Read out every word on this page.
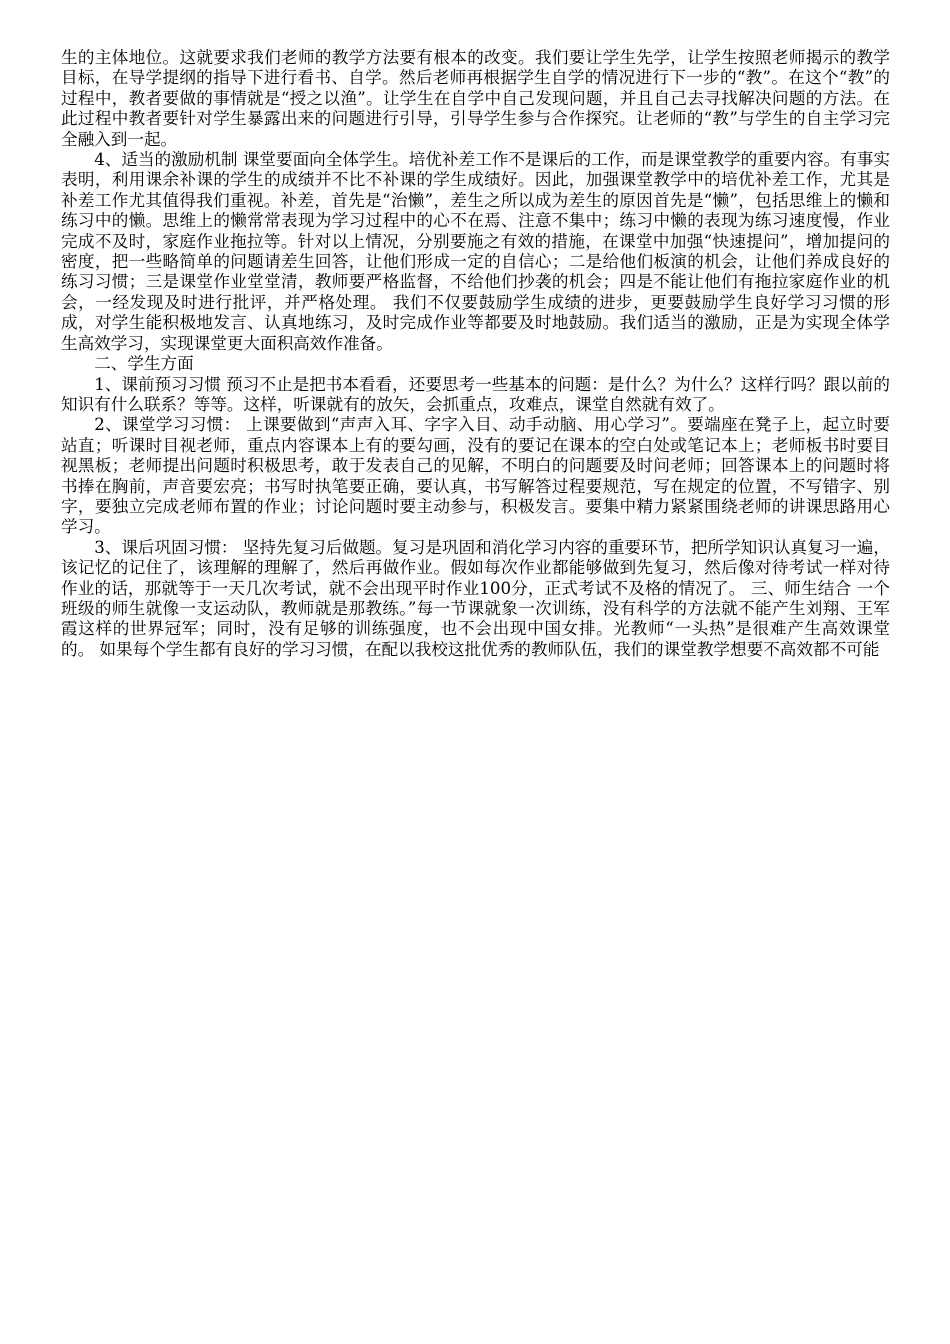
生的主体地位。这就要求我们老师的教学方法要有根本的改变。我们要让学生先学，让学生按照老师揭示的教学目标，在导学提纲的指导下进行看书、自学。然后老师再根据学生自学的情况进行下一步的“教”。在这个“教”的过程中，教者要做的事情就是“授之以渔”。让学生在自学中自己发现问题，并且自己去寻找解决问题的方法。在此过程中教者要针对学生暴露出来的问题进行引导，引导学生参与合作探究。让老师的“教”与学生的自主学习完全融入到一起。

4、适当的激励机制 课堂要面向全体学生。培优补差工作不是课后的工作，而是课堂教学的重要内容。有事实表明，利用课余补课的学生的成绩并不比不补课的学生成绩好。因此，加强课堂教学中的培优补差工作，尤其是补差工作尤其值得我们重视。补差，首先是“治懒”，差生之所以成为差生的原因首先是“懒”，包括思维上的懒和练习中的懒。思维上的懒常常表现为学习过程中的心不在焉、注意不集中；练习中懒的表现为练习速度慢，作业完成不及时，家庭作业拖拉等。针对以上情况，分别要施之有效的措施，在课堂中加强“快速提问”，增加提问的密度，把一些略简单的问题请差生回答，让他们形成一定的自信心；二是给他们板演的机会，让他们养成良好的练习习惯；三是课堂作业堂堂清，教师要严格监督，不给他们抄袭的机会；四是不能让他们有拖拉家庭作业的机会，一经发现及时进行批评，并严格处理。 我们不仅要鼓励学生成绩的进步，更要鼓励学生良好学习习惯的形成，对学生能积极地发言、认真地练习，及时完成作业等都要及时地鼓励。我们适当的激励，正是为实现全体学生高效学习，实现课堂更大面积高效作准备。

二、学生方面

1、课前预习习惯 预习不止是把书本看看，还要思考一些基本的问题：是什么？为什么？这样行吗？跟以前的知识有什么联系？等等。这样，听课就有的放矢，会抓重点，攻难点，课堂自然就有效了。

2、课堂学习习惯： 上课要做到“声声入耳、字字入目、动手动脑、用心学习”。要端座在凳子上，起立时要站直；听课时目视老师，重点内容课本上有的要勾画，没有的要记在课本的空白处或笔记本上；老师板书时要目视黑板；老师提出问题时积极思考，敢于发表自己的见解，不明白的问题要及时问老师；回答课本上的问题时将书捧在胸前，声音要宏亮；书写时执笔要正确，要认真，书写解答过程要规范，写在规定的位置，不写错字、别字，要独立完成老师布置的作业；讨论问题时要主动参与，积极发言。要集中精力紧紧围绕老师的讲课思路用心学习。

3、课后巩固习惯： 坚持先复习后做题。复习是巩固和消化学习内容的重要环节，把所学知识认真复习一遍，该记忆的记住了，该理解的理解了，然后再做作业。假如每次作业都能够做到先复习，然后像对待考试一样对待作业的话，那就等于一天几次考试，就不会出现平时作业100分，正式考试不及格的情况了。 三、师生结合 一个班级的师生就像一支运动队，教师就是那教练。”每一节课就象一次训练，没有科学的方法就不能产生刘翔、王军霞这样的世界冠军；同时，没有足够的训练强度，也不会出现中国女排。光教师“一头热”是很难产生高效课堂的。 如果每个学生都有良好的学习习惯，在配以我校这批优秀的教师队伍，我们的课堂教学想要不高效都不可能
